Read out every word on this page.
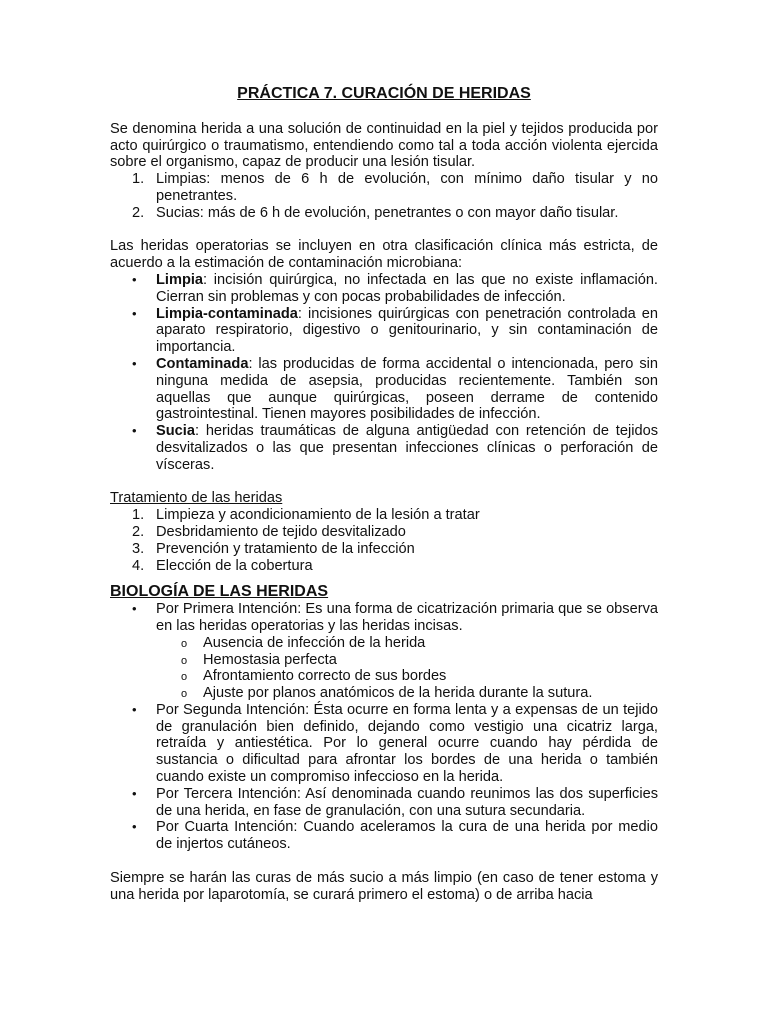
PRÁCTICA 7. CURACIÓN DE HERIDAS

Se denomina herida a una solución de continuidad en la piel y tejidos producida por acto quirúrgico o traumatismo, entendiendo como tal a toda acción violenta ejercida sobre el organismo, capaz de producir una lesión tisular.

1. Limpias: menos de 6 h de evolución, con mínimo daño tisular y no penetrantes.
2. Sucias: más de 6 h de evolución, penetrantes o con mayor daño tisular.

Las heridas operatorias se incluyen en otra clasificación clínica más estricta, de acuerdo a la estimación de contaminación microbiana:

• Limpia: incisión quirúrgica, no infectada en las que no existe inflamación. Cierran sin problemas y con pocas probabilidades de infección.
• Limpia-contaminada: incisiones quirúrgicas con penetración controlada en aparato respiratorio, digestivo o genitourinario, y sin contaminación de importancia.
• Contaminada: las producidas de forma accidental o intencionada, pero sin ninguna medida de asepsia, producidas recientemente. También son aquellas que aunque quirúrgicas, poseen derrame de contenido gastrointestinal. Tienen mayores posibilidades de infección.
• Sucia: heridas traumáticas de alguna antigüedad con retención de tejidos desvitalizados o las que presentan infecciones clínicas o perforación de vísceras.
Tratamiento de las heridas
1. Limpieza y acondicionamiento de la lesión a tratar
2. Desbridamiento de tejido desvitalizado
3. Prevención y tratamiento de la infección
4. Elección de la cobertura
BIOLOGÍA DE LAS HERIDAS
• Por Primera Intención: Es una forma de cicatrización primaria que se observa en las heridas operatorias y las heridas incisas.
o Ausencia de infección de la herida
o Hemostasia perfecta
o Afrontamiento correcto de sus bordes
o Ajuste por planos anatómicos de la herida durante la sutura.
• Por Segunda Intención: Ésta ocurre en forma lenta y a expensas de un tejido de granulación bien definido, dejando como vestigio una cicatriz larga, retraída y antiestética. Por lo general ocurre cuando hay pérdida de sustancia o dificultad para afrontar los bordes de una herida o también cuando existe un compromiso infeccioso en la herida.
• Por Tercera Intención: Así denominada cuando reunimos las dos superficies de una herida, en fase de granulación, con una sutura secundaria.
• Por Cuarta Intención: Cuando aceleramos la cura de una herida por medio de injertos cutáneos.

Siempre se harán las curas de más sucio a más limpio (en caso de tener estoma y una herida por laparotomía, se curará primero el estoma) o de arriba hacia
